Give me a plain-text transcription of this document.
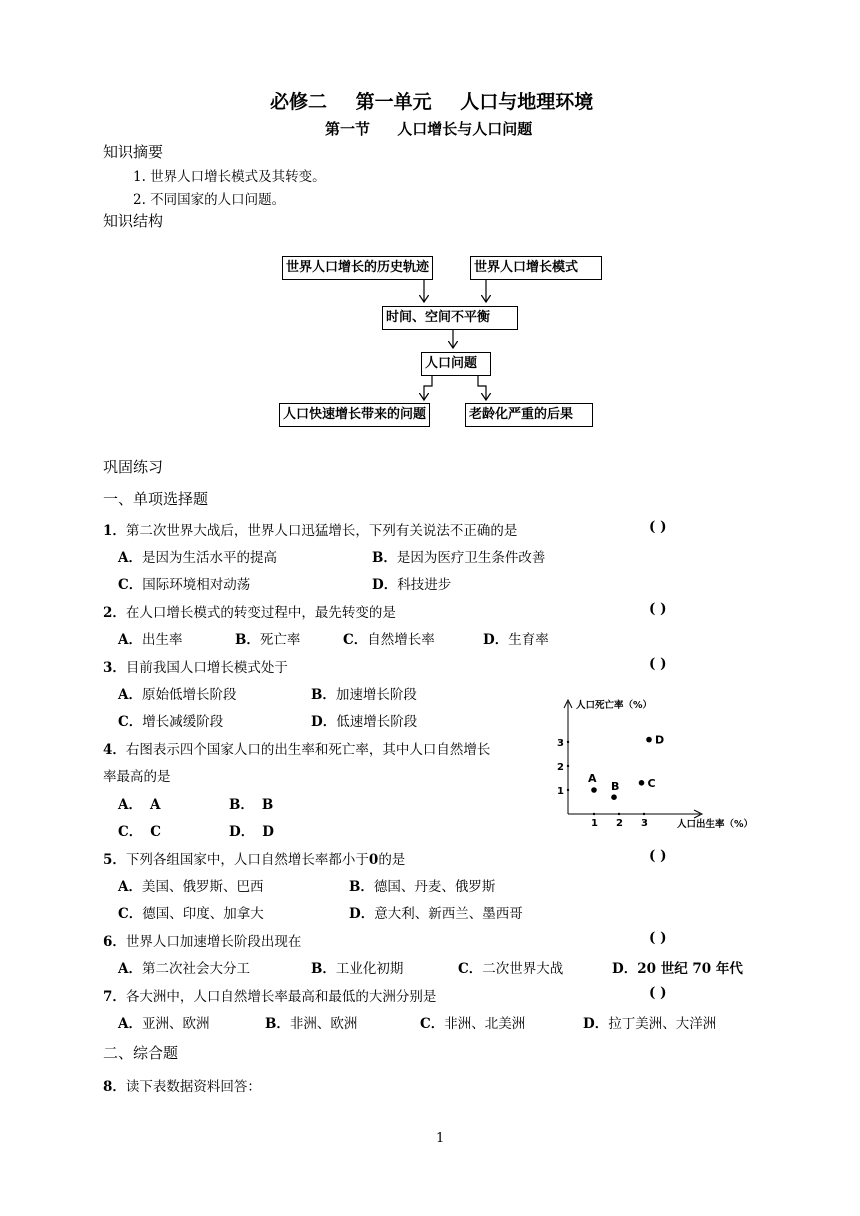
必修二 第一单元 人口与地理环境
第一节 人口增长与人口问题
知识摘要
1. 世界人口增长模式及其转变。
2. 不同国家的人口问题。
知识结构
世界人口增长的历史轨迹	世界人口增长模式
时间、空间不平衡
人口问题
人口快速增长带来的问题	老龄化严重的后果
巩固练习
一、单项选择题
1．第二次世界大战后，世界人口迅猛增长，下列有关说法不正确的是	( )
A．是因为生活水平的提高	B．是因为医疗卫生条件改善
C．国际环境相对动荡	D．科技进步
2．在人口增长模式的转变过程中，最先转变的是	( )
A．出生率	B．死亡率	C．自然增长率	D．生育率
3．目前我国人口增长模式处于	( )
A．原始低增长阶段	B．加速增长阶段
C．增长减缓阶段	D．低速增长阶段
4．右图表示四个国家人口的出生率和死亡率，其中人口自然增长
率最高的是
A． A	B． B
C． C	D． D
人口死亡率（%）
人口出生率（%）
1 2 3
1
2
3
A
B	C
D
5．下列各组国家中，人口自然增长率都小于0的是	( )
A．美国、俄罗斯、巴西	B．德国、丹麦、俄罗斯
C．德国、印度、加拿大	D．意大利、新西兰、墨西哥
6．世界人口加速增长阶段出现在	( )
A．第二次社会大分工	B．工业化初期	C．二次世界大战	D．20 世纪 70 年代
7．各大洲中，人口自然增长率最高和最低的大洲分别是	( )
A．亚洲、欧洲	B．非洲、欧洲	C．非洲、北美洲	D．拉丁美洲、大洋洲
二、综合题
8．读下表数据资料回答：
1
